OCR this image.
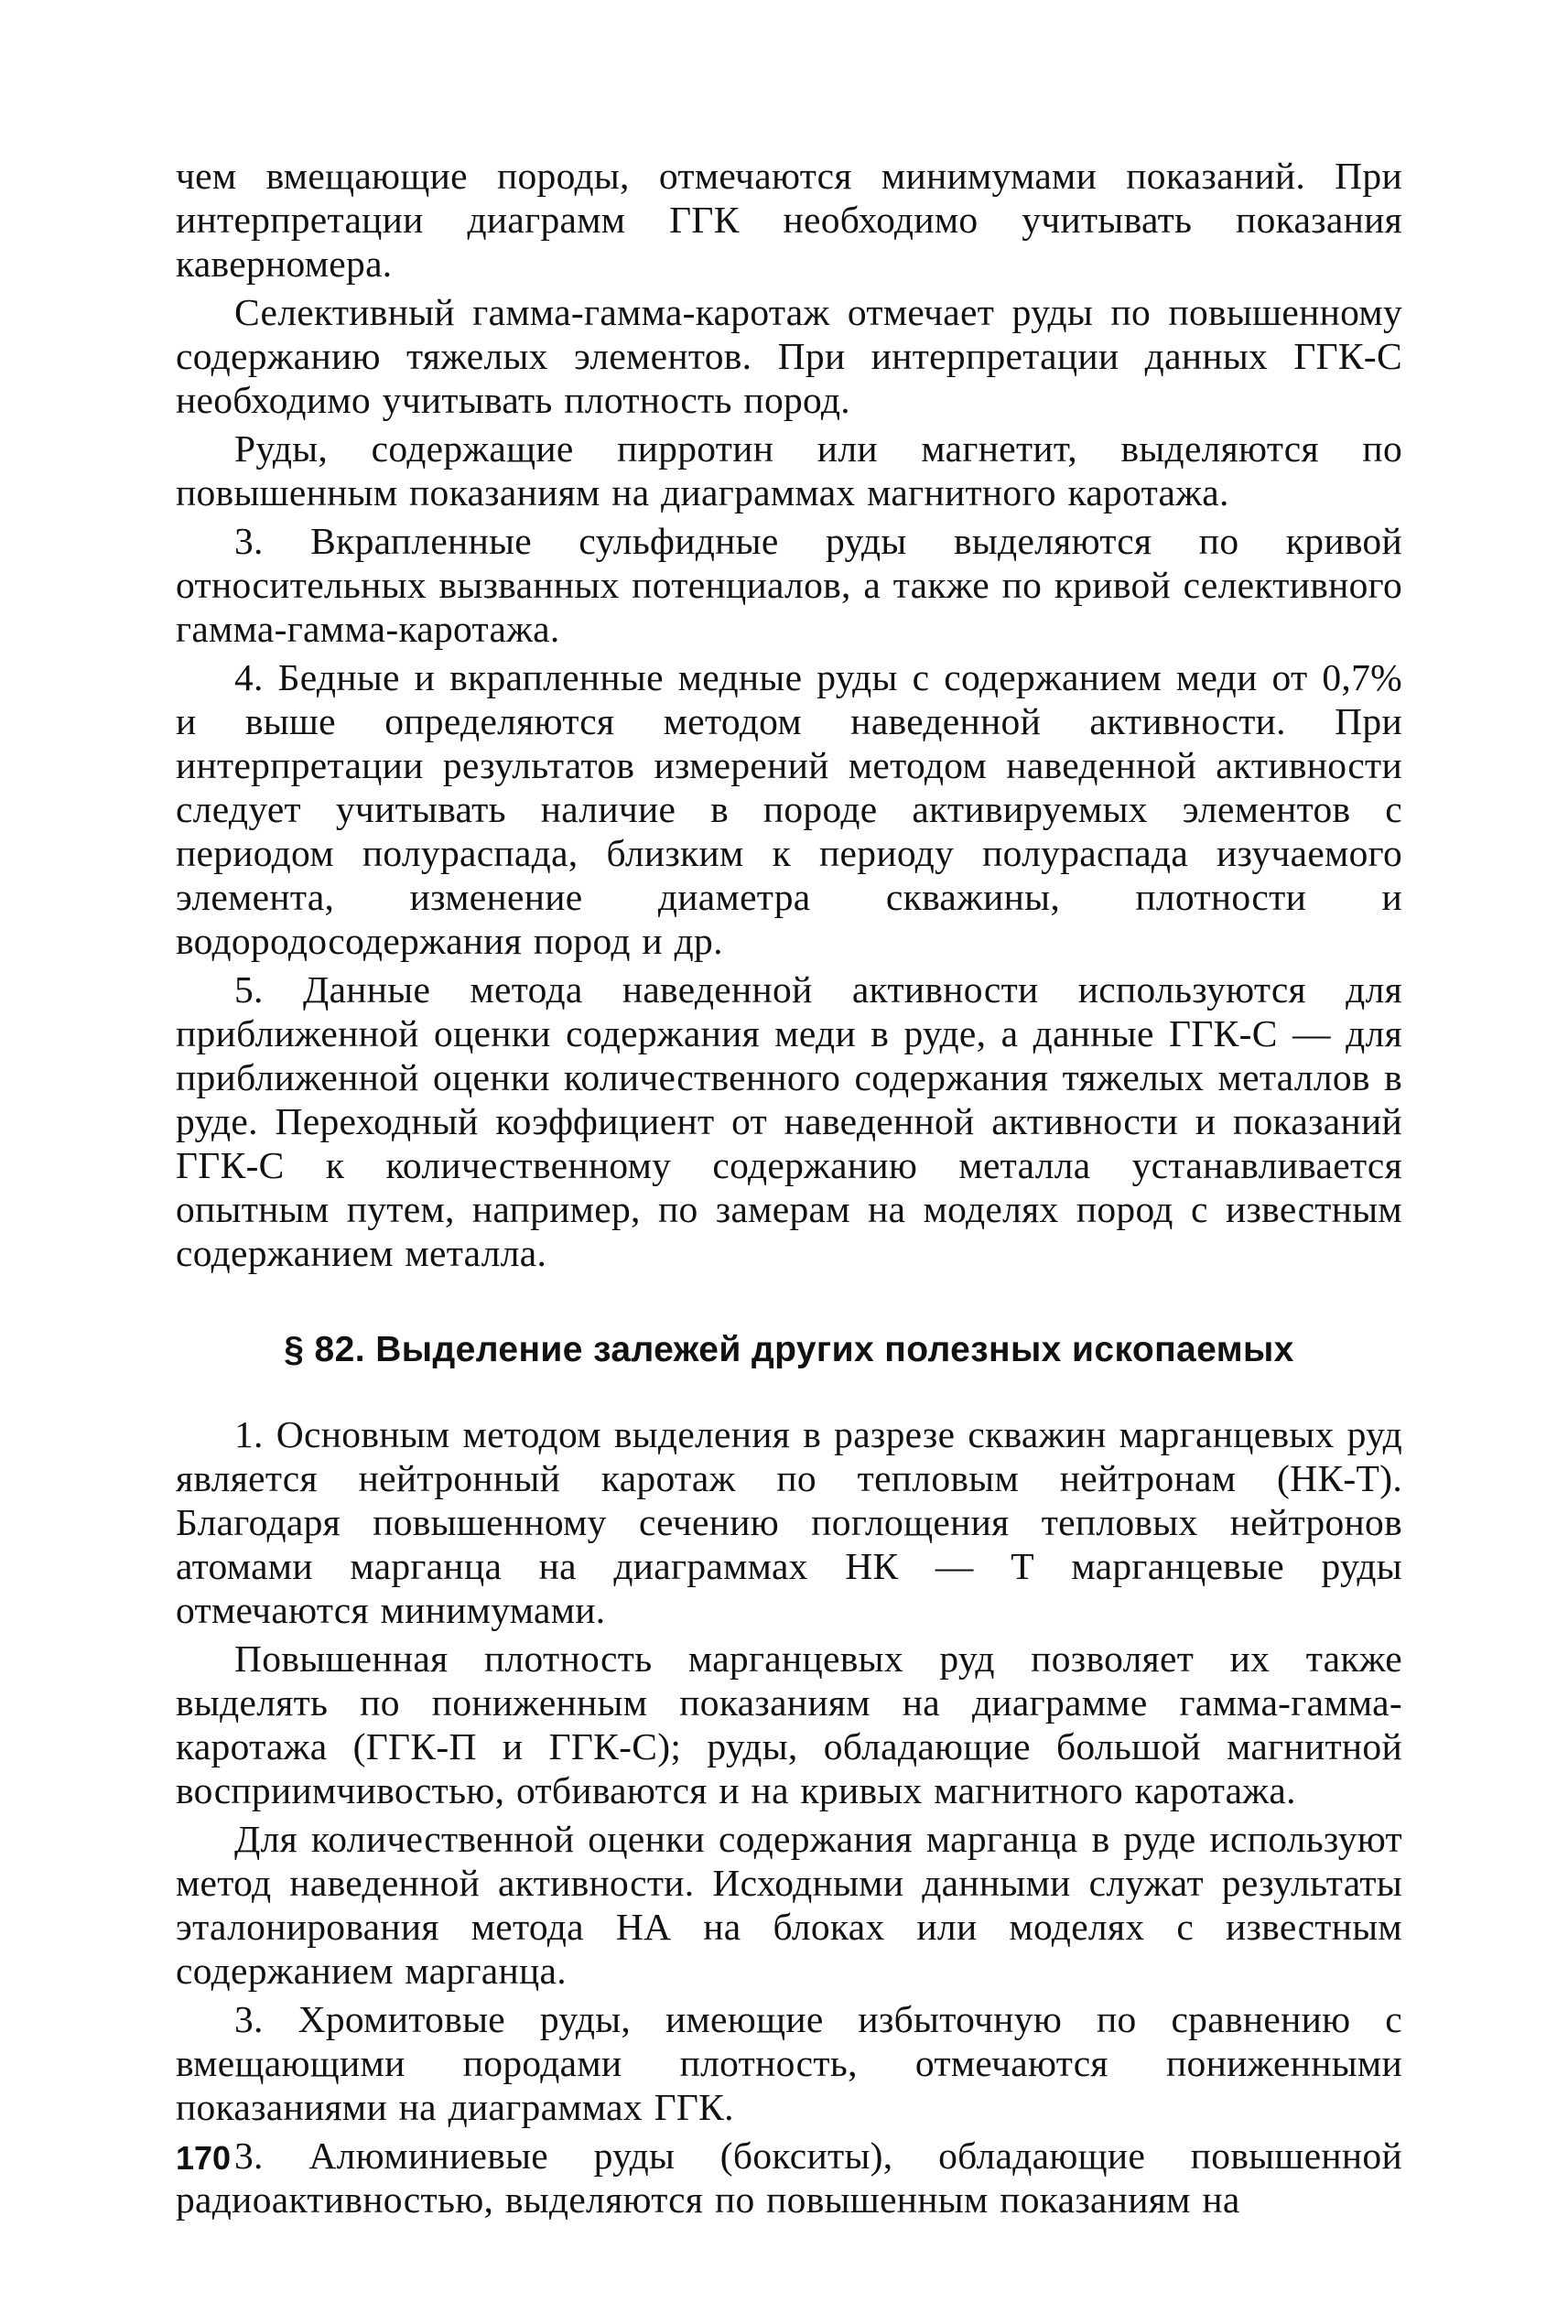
чем вмещающие породы, отмечаются минимумами показаний. При интерпретации диаграмм ГГК необходимо учитывать показания каверномера.

Селективный гамма-гамма-каротаж отмечает руды по повышенному содержанию тяжелых элементов. При интерпретации данных ГГК-С необходимо учитывать плотность пород.

Руды, содержащие пирротин или магнетит, выделяются по повышенным показаниям на диаграммах магнитного каротажа.

3. Вкрапленные сульфидные руды выделяются по кривой относительных вызванных потенциалов, а также по кривой селективного гамма-гамма-каротажа.

4. Бедные и вкрапленные медные руды с содержанием меди от 0,7% и выше определяются методом наведенной активности. При интерпретации результатов измерений методом наведенной активности следует учитывать наличие в породе активируемых элементов с периодом полураспада, близким к периоду полураспада изучаемого элемента, изменение диаметра скважины, плотности и водородосодержания пород и др.

5. Данные метода наведенной активности используются для приближенной оценки содержания меди в руде, а данные ГГК-С — для приближенной оценки количественного содержания тяжелых металлов в руде. Переходный коэффициент от наведенной активности и показаний ГГК-С к количественному содержанию металла устанавливается опытным путем, например, по замерам на моделях пород с известным содержанием металла.

§ 82. Выделение залежей других полезных ископаемых

1. Основным методом выделения в разрезе скважин марганцевых руд является нейтронный каротаж по тепловым нейтронам (НК-Т). Благодаря повышенному сечению поглощения тепловых нейтронов атомами марганца на диаграммах НК — Т марганцевые руды отмечаются минимумами.

Повышенная плотность марганцевых руд позволяет их также выделять по пониженным показаниям на диаграмме гамма-гамма-каротажа (ГГК-П и ГГК-С); руды, обладающие большой магнитной восприимчивостью, отбиваются и на кривых магнитного каротажа.

Для количественной оценки содержания марганца в руде используют метод наведенной активности. Исходными данными служат результаты эталонирования метода НА на блоках или моделях с известным содержанием марганца.

3. Хромитовые руды, имеющие избыточную по сравнению с вмещающими породами плотность, отмечаются пониженными показаниями на диаграммах ГГК.

3. Алюминиевые руды (бокситы), обладающие повышенной радиоактивностью, выделяются по повышенным показаниям на

170
